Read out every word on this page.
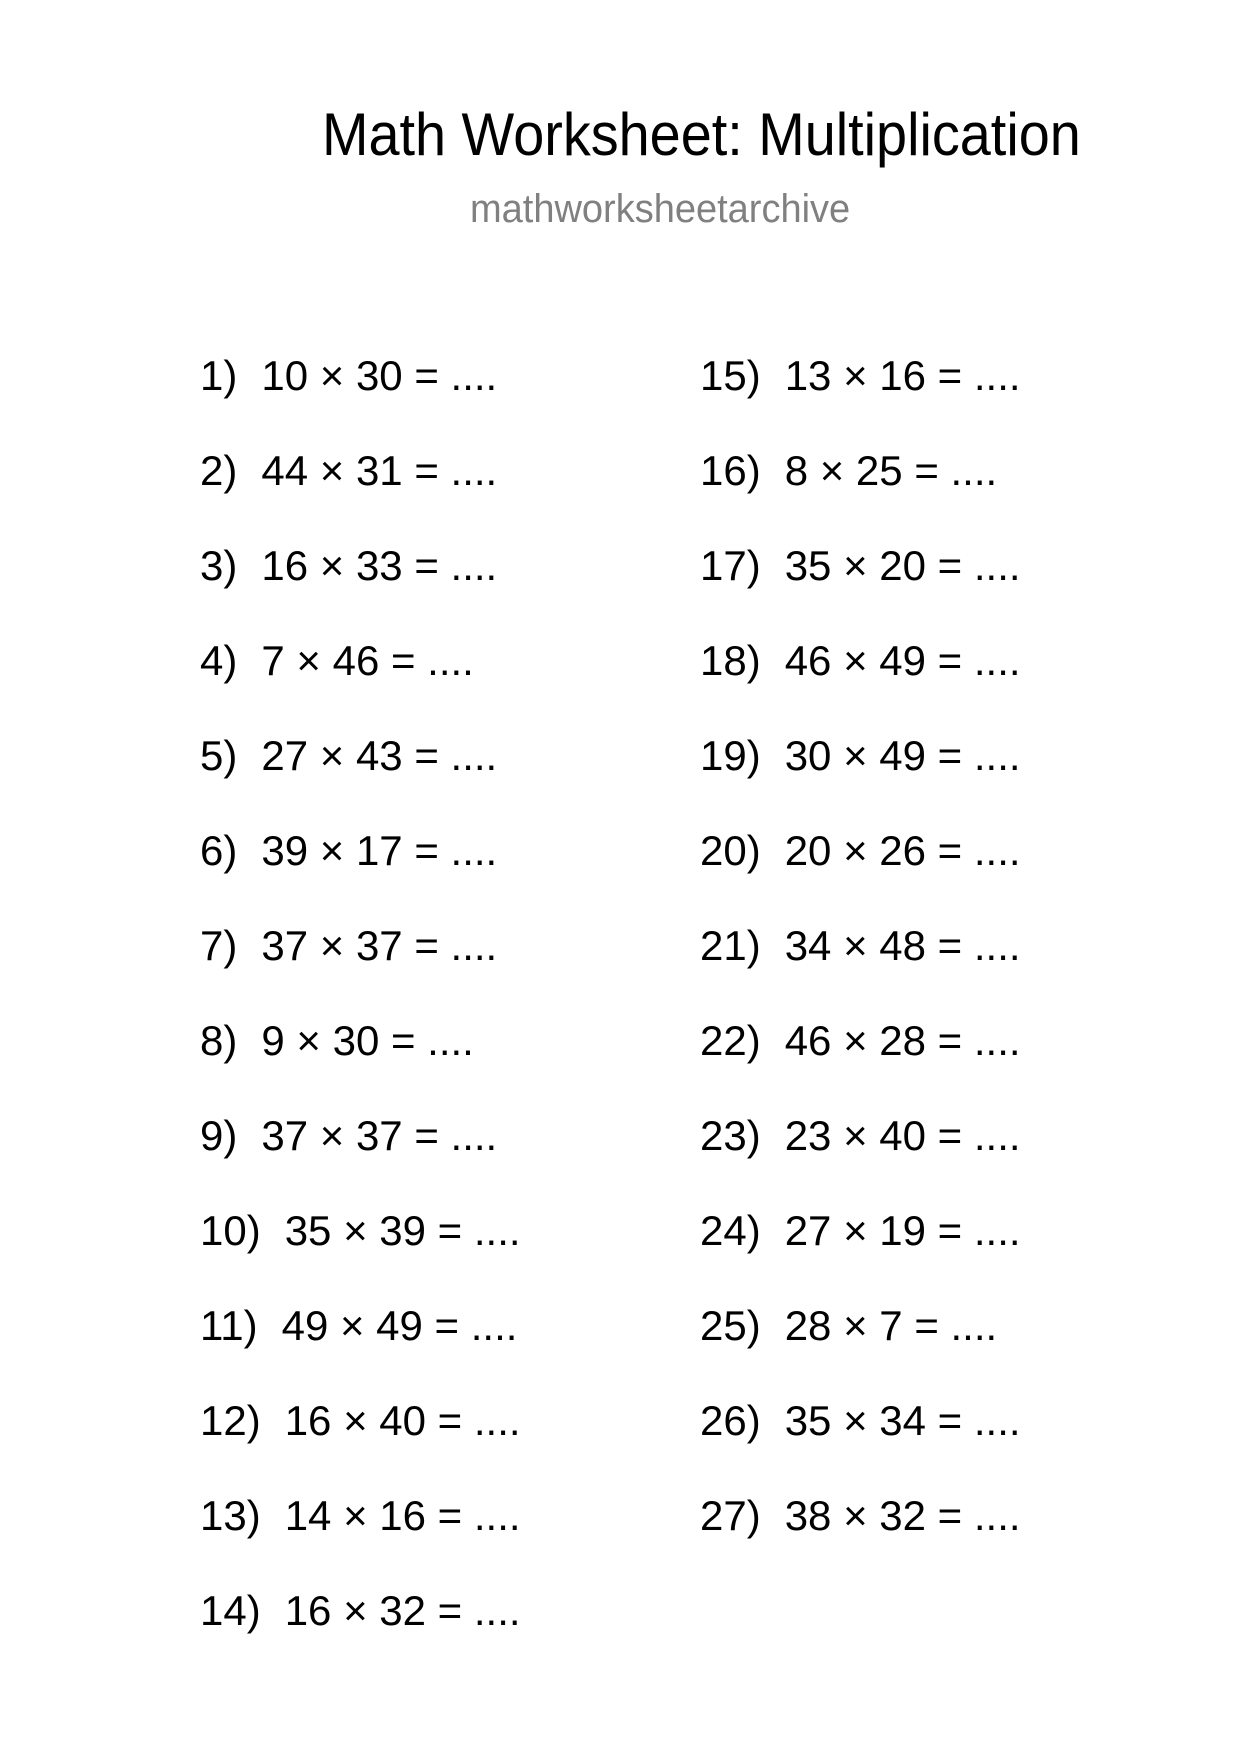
Math Worksheet: Multiplication
mathworksheetarchive
1) 10 × 30 = ....
2) 44 × 31 = ....
3) 16 × 33 = ....
4) 7 × 46 = ....
5) 27 × 43 = ....
6) 39 × 17 = ....
7) 37 × 37 = ....
8) 9 × 30 = ....
9) 37 × 37 = ....
10) 35 × 39 = ....
11) 49 × 49 = ....
12) 16 × 40 = ....
13) 14 × 16 = ....
14) 16 × 32 = ....
15) 13 × 16 = ....
16) 8 × 25 = ....
17) 35 × 20 = ....
18) 46 × 49 = ....
19) 30 × 49 = ....
20) 20 × 26 = ....
21) 34 × 48 = ....
22) 46 × 28 = ....
23) 23 × 40 = ....
24) 27 × 19 = ....
25) 28 × 7 = ....
26) 35 × 34 = ....
27) 38 × 32 = ....
